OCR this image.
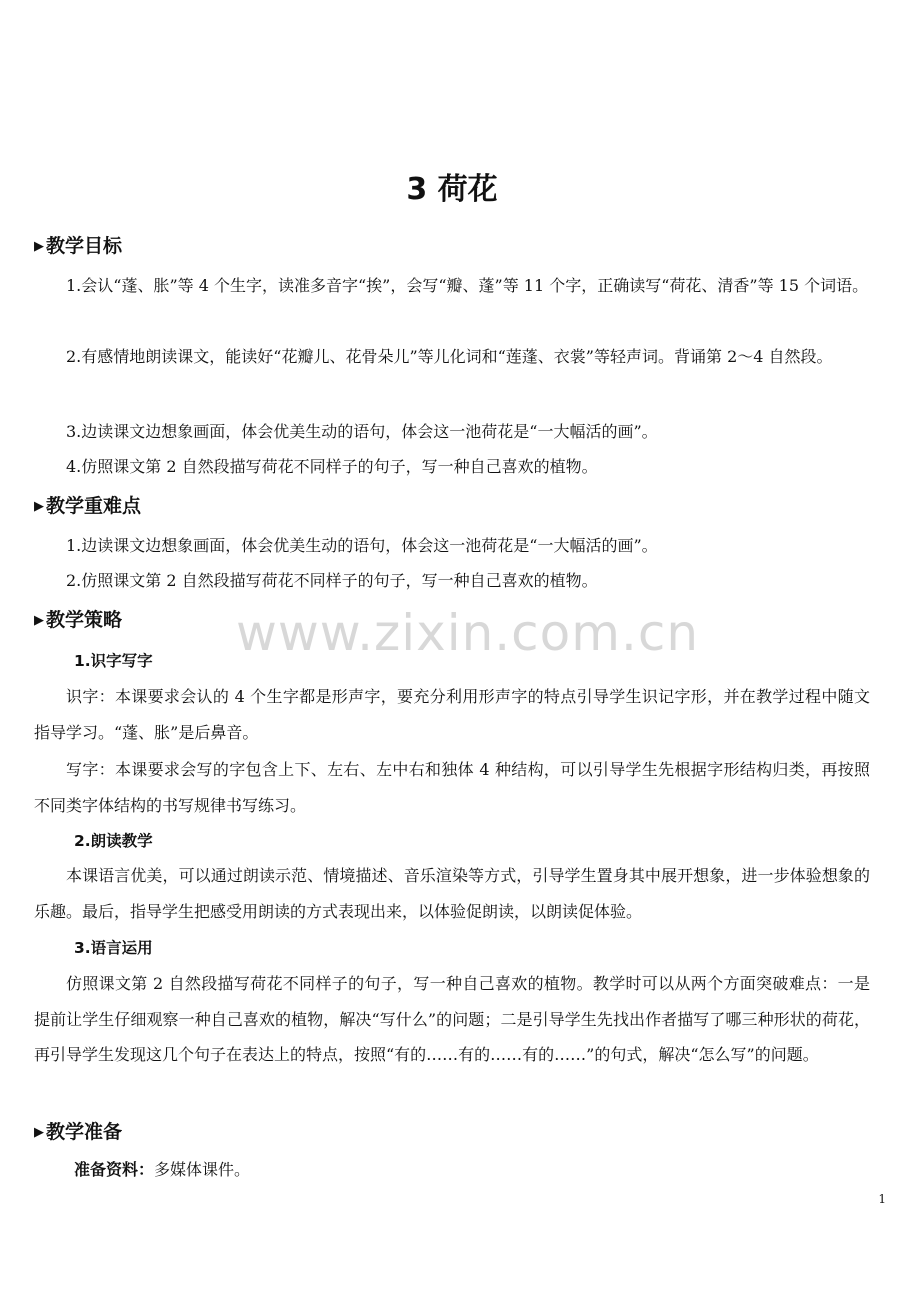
www.zixin.com.cn
3 荷花
▶ 教学目标
1.会认“蓬、胀”等 4 个生字，读准多音字“挨”，会写“瓣、蓬”等 11 个字，正确读写“荷花、清香”等 15 个词语。
2.有感情地朗读课文，能读好“花瓣儿、花骨朵儿”等儿化词和“莲蓬、衣裳”等轻声词。背诵第 2～4 自然段。
3.边读课文边想象画面，体会优美生动的语句，体会这一池荷花是“一大幅活的画”。
4.仿照课文第 2 自然段描写荷花不同样子的句子，写一种自己喜欢的植物。
▶ 教学重难点
1.边读课文边想象画面，体会优美生动的语句，体会这一池荷花是“一大幅活的画”。
2.仿照课文第 2 自然段描写荷花不同样子的句子，写一种自己喜欢的植物。
▶ 教学策略
1.识字写字
识字：本课要求会认的 4 个生字都是形声字，要充分利用形声字的特点引导学生识记字形，并在教学过程中随文指导学习。“蓬、胀”是后鼻音。
写字：本课要求会写的字包含上下、左右、左中右和独体 4 种结构，可以引导学生先根据字形结构归类，再按照不同类字体结构的书写规律书写练习。
2.朗读教学
本课语言优美，可以通过朗读示范、情境描述、音乐渲染等方式，引导学生置身其中展开想象，进一步体验想象的乐趣。最后，指导学生把感受用朗读的方式表现出来，以体验促朗读，以朗读促体验。
3.语言运用
仿照课文第 2 自然段描写荷花不同样子的句子，写一种自己喜欢的植物。教学时可以从两个方面突破难点：一是提前让学生仔细观察一种自己喜欢的植物，解决“写什么”的问题；二是引导学生先找出作者描写了哪三种形状的荷花，再引导学生发现这几个句子在表达上的特点，按照“有的……有的……有的……”的句式，解决“怎么写”的问题。
▶ 教学准备
准备资料：多媒体课件。
1
